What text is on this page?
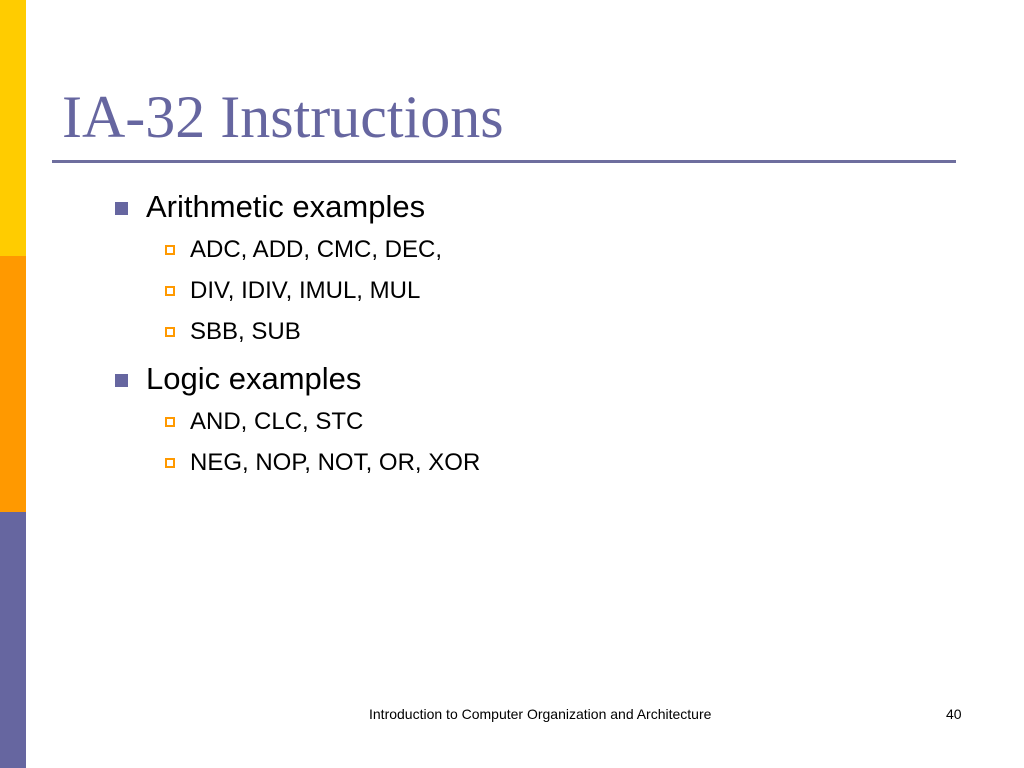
IA-32 Instructions
Arithmetic examples
ADC, ADD, CMC, DEC,
DIV, IDIV, IMUL, MUL
SBB, SUB
Logic examples
AND, CLC, STC
NEG, NOP, NOT, OR, XOR
Introduction to Computer Organization and Architecture	40
